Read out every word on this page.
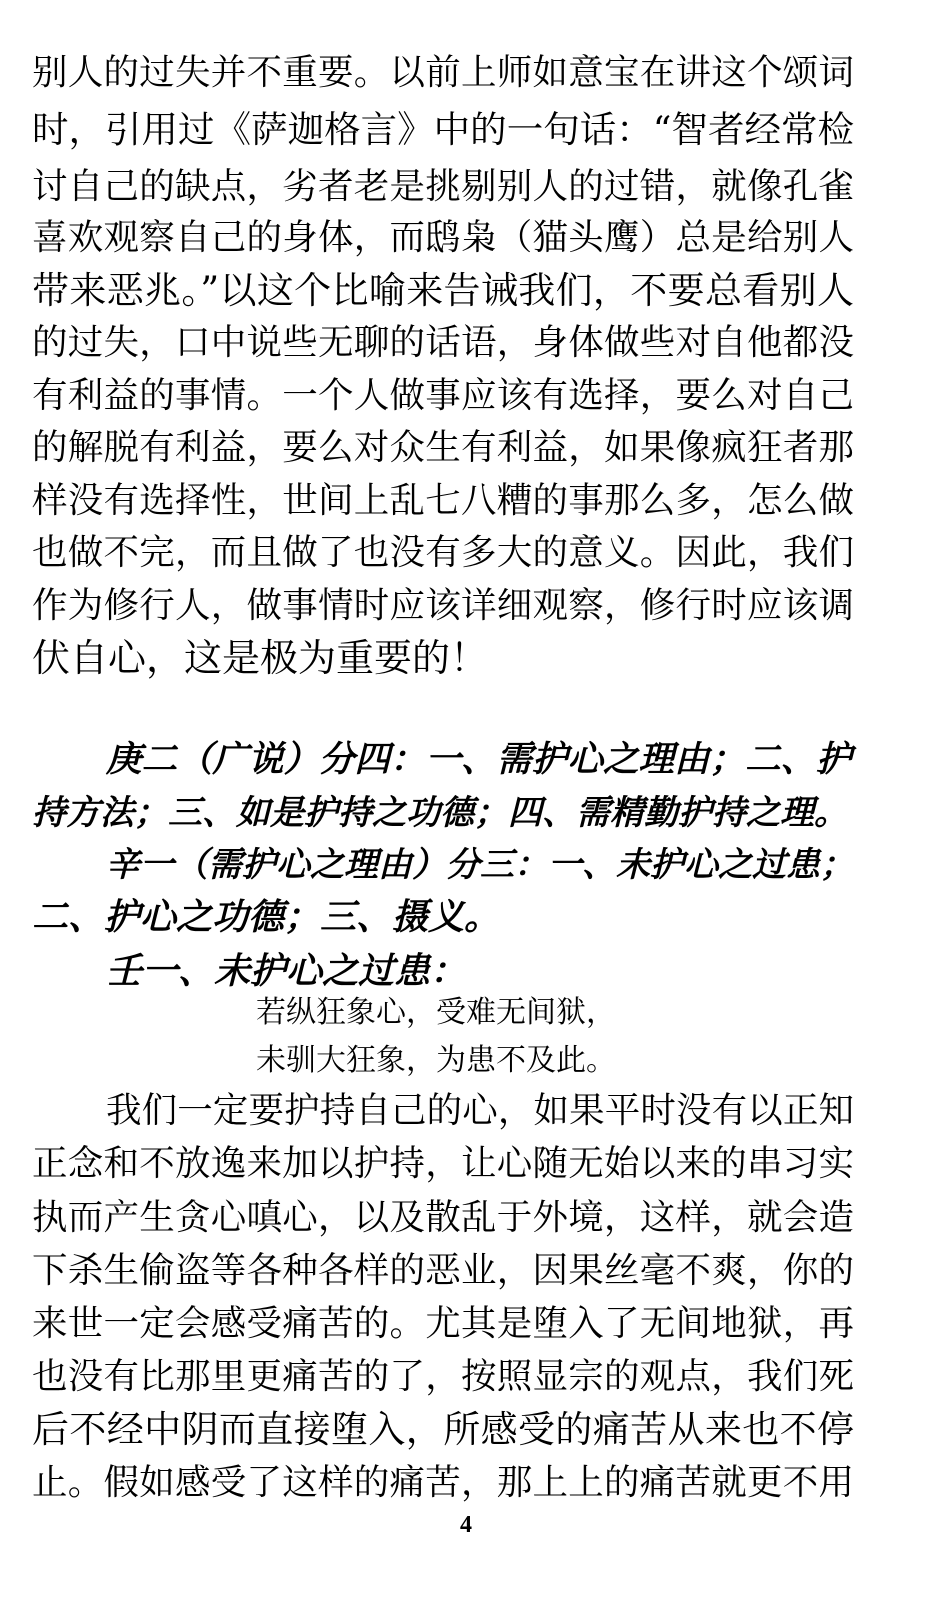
别人的过失并不重要。以前上师如意宝在讲这个颂词
时，引用过《萨迦格言》中的一句话：“智者经常检
讨自己的缺点，劣者老是挑剔别人的过错，就像孔雀
喜欢观察自己的身体，而鸱枭（猫头鹰）总是给别人
带来恶兆。”以这个比喻来告诫我们，不要总看别人
的过失，口中说些无聊的话语，身体做些对自他都没
有利益的事情。一个人做事应该有选择，要么对自己
的解脱有利益，要么对众生有利益，如果像疯狂者那
样没有选择性，世间上乱七八糟的事那么多，怎么做
也做不完，而且做了也没有多大的意义。因此，我们
作为修行人，做事情时应该详细观察，修行时应该调
伏自心，这是极为重要的！
庚二（广说）分四：一、需护心之理由；二、护
持方法；三、如是护持之功德；四、需精勤护持之理。
辛一（需护心之理由）分三：一、未护心之过患；
二、护心之功德；三、摄义。
壬一、未护心之过患：
若纵狂象心，受难无间狱，
未驯大狂象，为患不及此。
我们一定要护持自己的心，如果平时没有以正知
正念和不放逸来加以护持，让心随无始以来的串习实
执而产生贪心嗔心，以及散乱于外境，这样，就会造
下杀生偷盗等各种各样的恶业，因果丝毫不爽，你的
来世一定会感受痛苦的。尤其是堕入了无间地狱，再
也没有比那里更痛苦的了，按照显宗的观点，我们死
后不经中阴而直接堕入，所感受的痛苦从来也不停
止。假如感受了这样的痛苦，那上上的痛苦就更不用
4
